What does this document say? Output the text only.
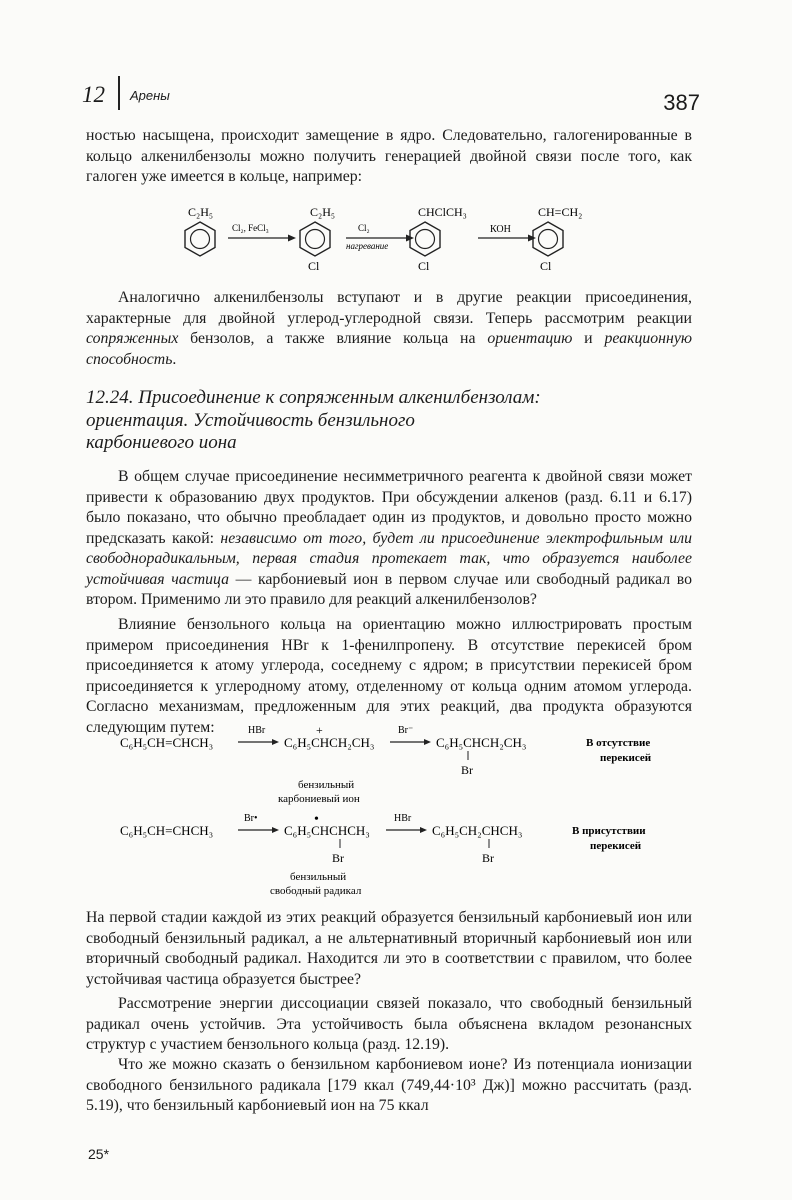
12 Арены	387
ностью насыщена, происходит замещение в ядро. Следовательно, галогенированные в кольцо алкенилбензолы можно получить генерацией двойной связи после того, как галоген уже имеется в кольце, например:
C₂H₅
Cl₂, FeCl₃
C₂H₅
Cl
Cl₂
нагревание
CHClCH₃
Cl
КОН
CH=CH₂
Cl
Аналогично алкенилбензолы вступают и в другие реакции присоединения, характерные для двойной углерод-углеродной связи. Теперь рассмотрим реакции сопряженных бензолов, а также влияние кольца на ориентацию и реакционную способность.
12.24. Присоединение к сопряженным алкенилбензолам:
ориентация. Устойчивость бензильного
карбониевого иона
В общем случае присоединение несимметричного реагента к двойной связи может привести к образованию двух продуктов. При обсуждении алкенов (разд. 6.11 и 6.17) было показано, что обычно преобладает один из продуктов, и довольно просто можно предсказать какой: независимо от того, будет ли присоединение электрофильным или свободнорадикальным, первая стадия протекает так, что образуется наиболее устойчивая частица — карбониевый ион в первом случае или свободный радикал во втором. Применимо ли это правило для реакций алкенилбензолов?
Влияние бензольного кольца на ориентацию можно иллюстрировать простым примером присоединения HBr к 1-фенилпропену. В отсутствие перекисей бром присоединяется к атому углерода, соседнему с ядром; в присутствии перекисей бром присоединяется к углеродному атому, отделенному от кольца одним атомом углерода. Согласно механизмам, предложенным для этих реакций, два продукта образуются следующим путем:
C₆H₅CH=CHCH₃
HBr
C₆H₅CHCH₂CH₃
+	Br⁻
C₆H₅CHCH₂CH₃
Br
В отсутствие
перекисей
бензильный
карбониевый ион
C₆H₅CH=CHCH₃
Br•
C₆H₅CHCHCH₃
•
Br
HBr
C₆H₅CH₂CHCH₃
Br
В присутствии
перекисей
бензильный
свободный радикал
На первой стадии каждой из этих реакций образуется бензильный карбониевый ион или свободный бензильный радикал, а не альтернативный вторичный карбониевый ион или вторичный свободный радикал. Находится ли это в соответствии с правилом, что более устойчивая частица образуется быстрее?
Рассмотрение энергии диссоциации связей показало, что свободный бензильный радикал очень устойчив. Эта устойчивость была объяснена вкладом резонансных структур с участием бензольного кольца (разд. 12.19).
Что же можно сказать о бензильном карбониевом ионе? Из потенциала ионизации свободного бензильного радикала [179 ккал (749,44·10³ Дж)] можно рассчитать (разд. 5.19), что бензильный карбониевый ион на 75 ккал
25*
